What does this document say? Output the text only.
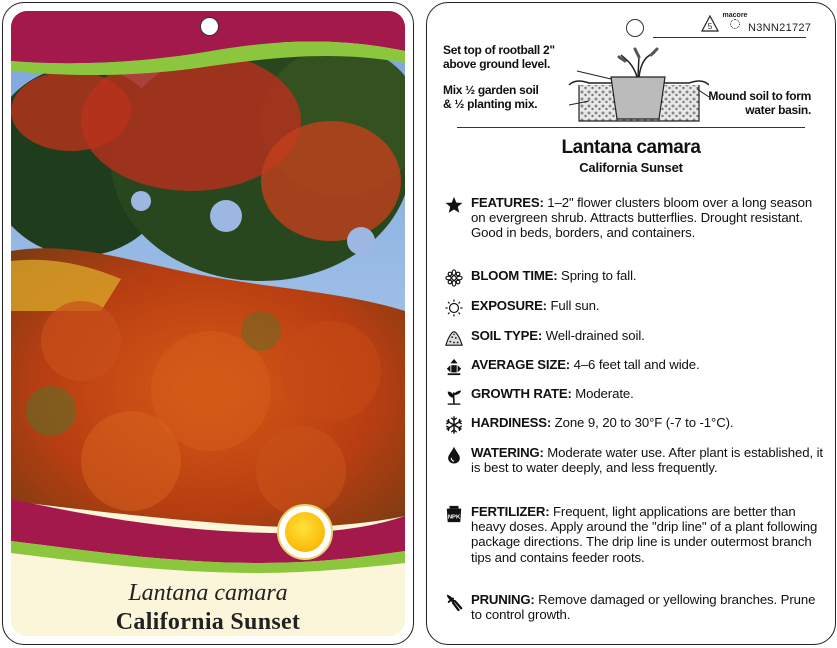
Lantana camara
California Sunset
5
macore
N3NN21727
Set top of rootball 2"
above ground level.
Mix ½ garden soil
& ½ planting mix.
Mound soil to form
water basin.
Lantana camara
California Sunset
FEATURES: 1–2" flower clusters bloom over a long season on evergreen shrub. Attracts butterflies. Drought resistant. Good in beds, borders, and containers.
BLOOM TIME: Spring to fall.
EXPOSURE: Full sun.
SOIL TYPE: Well-drained soil.
AVERAGE SIZE: 4–6 feet tall and wide.
GROWTH RATE: Moderate.
HARDINESS: Zone 9, 20 to 30°F (-7 to -1°C).
WATERING: Moderate water use. After plant is established, it is best to water deeply, and less frequently.
NPK FERTILIZER: Frequent, light applications are better than heavy doses. Apply around the "drip line" of a plant following package directions. The drip line is under outermost branch tips and contains feeder roots.
PRUNING: Remove damaged or yellowing branches. Prune to control growth.
